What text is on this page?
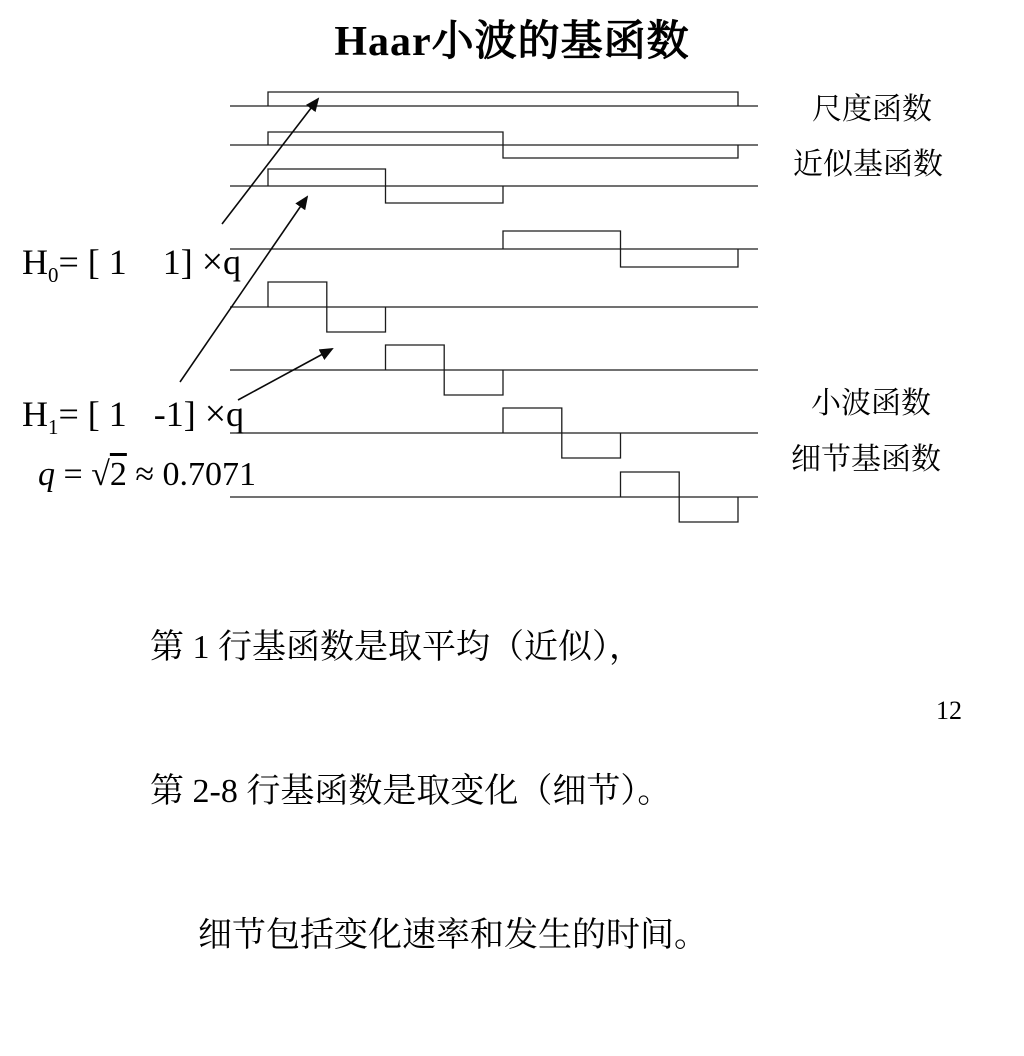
Haar小波的基函数
$H_0=$ [ 1    1] ×q
$H_1=$ [ 1   -1] ×q
q = √2 ≈ 0.7071
尺度函数
近似基函数
小波函数
细节基函数

第 1 行基函数是取平均（近似），

第 2-8 行基函数是取变化（细节）。

细节包括变化速率和发生的时间。

12
